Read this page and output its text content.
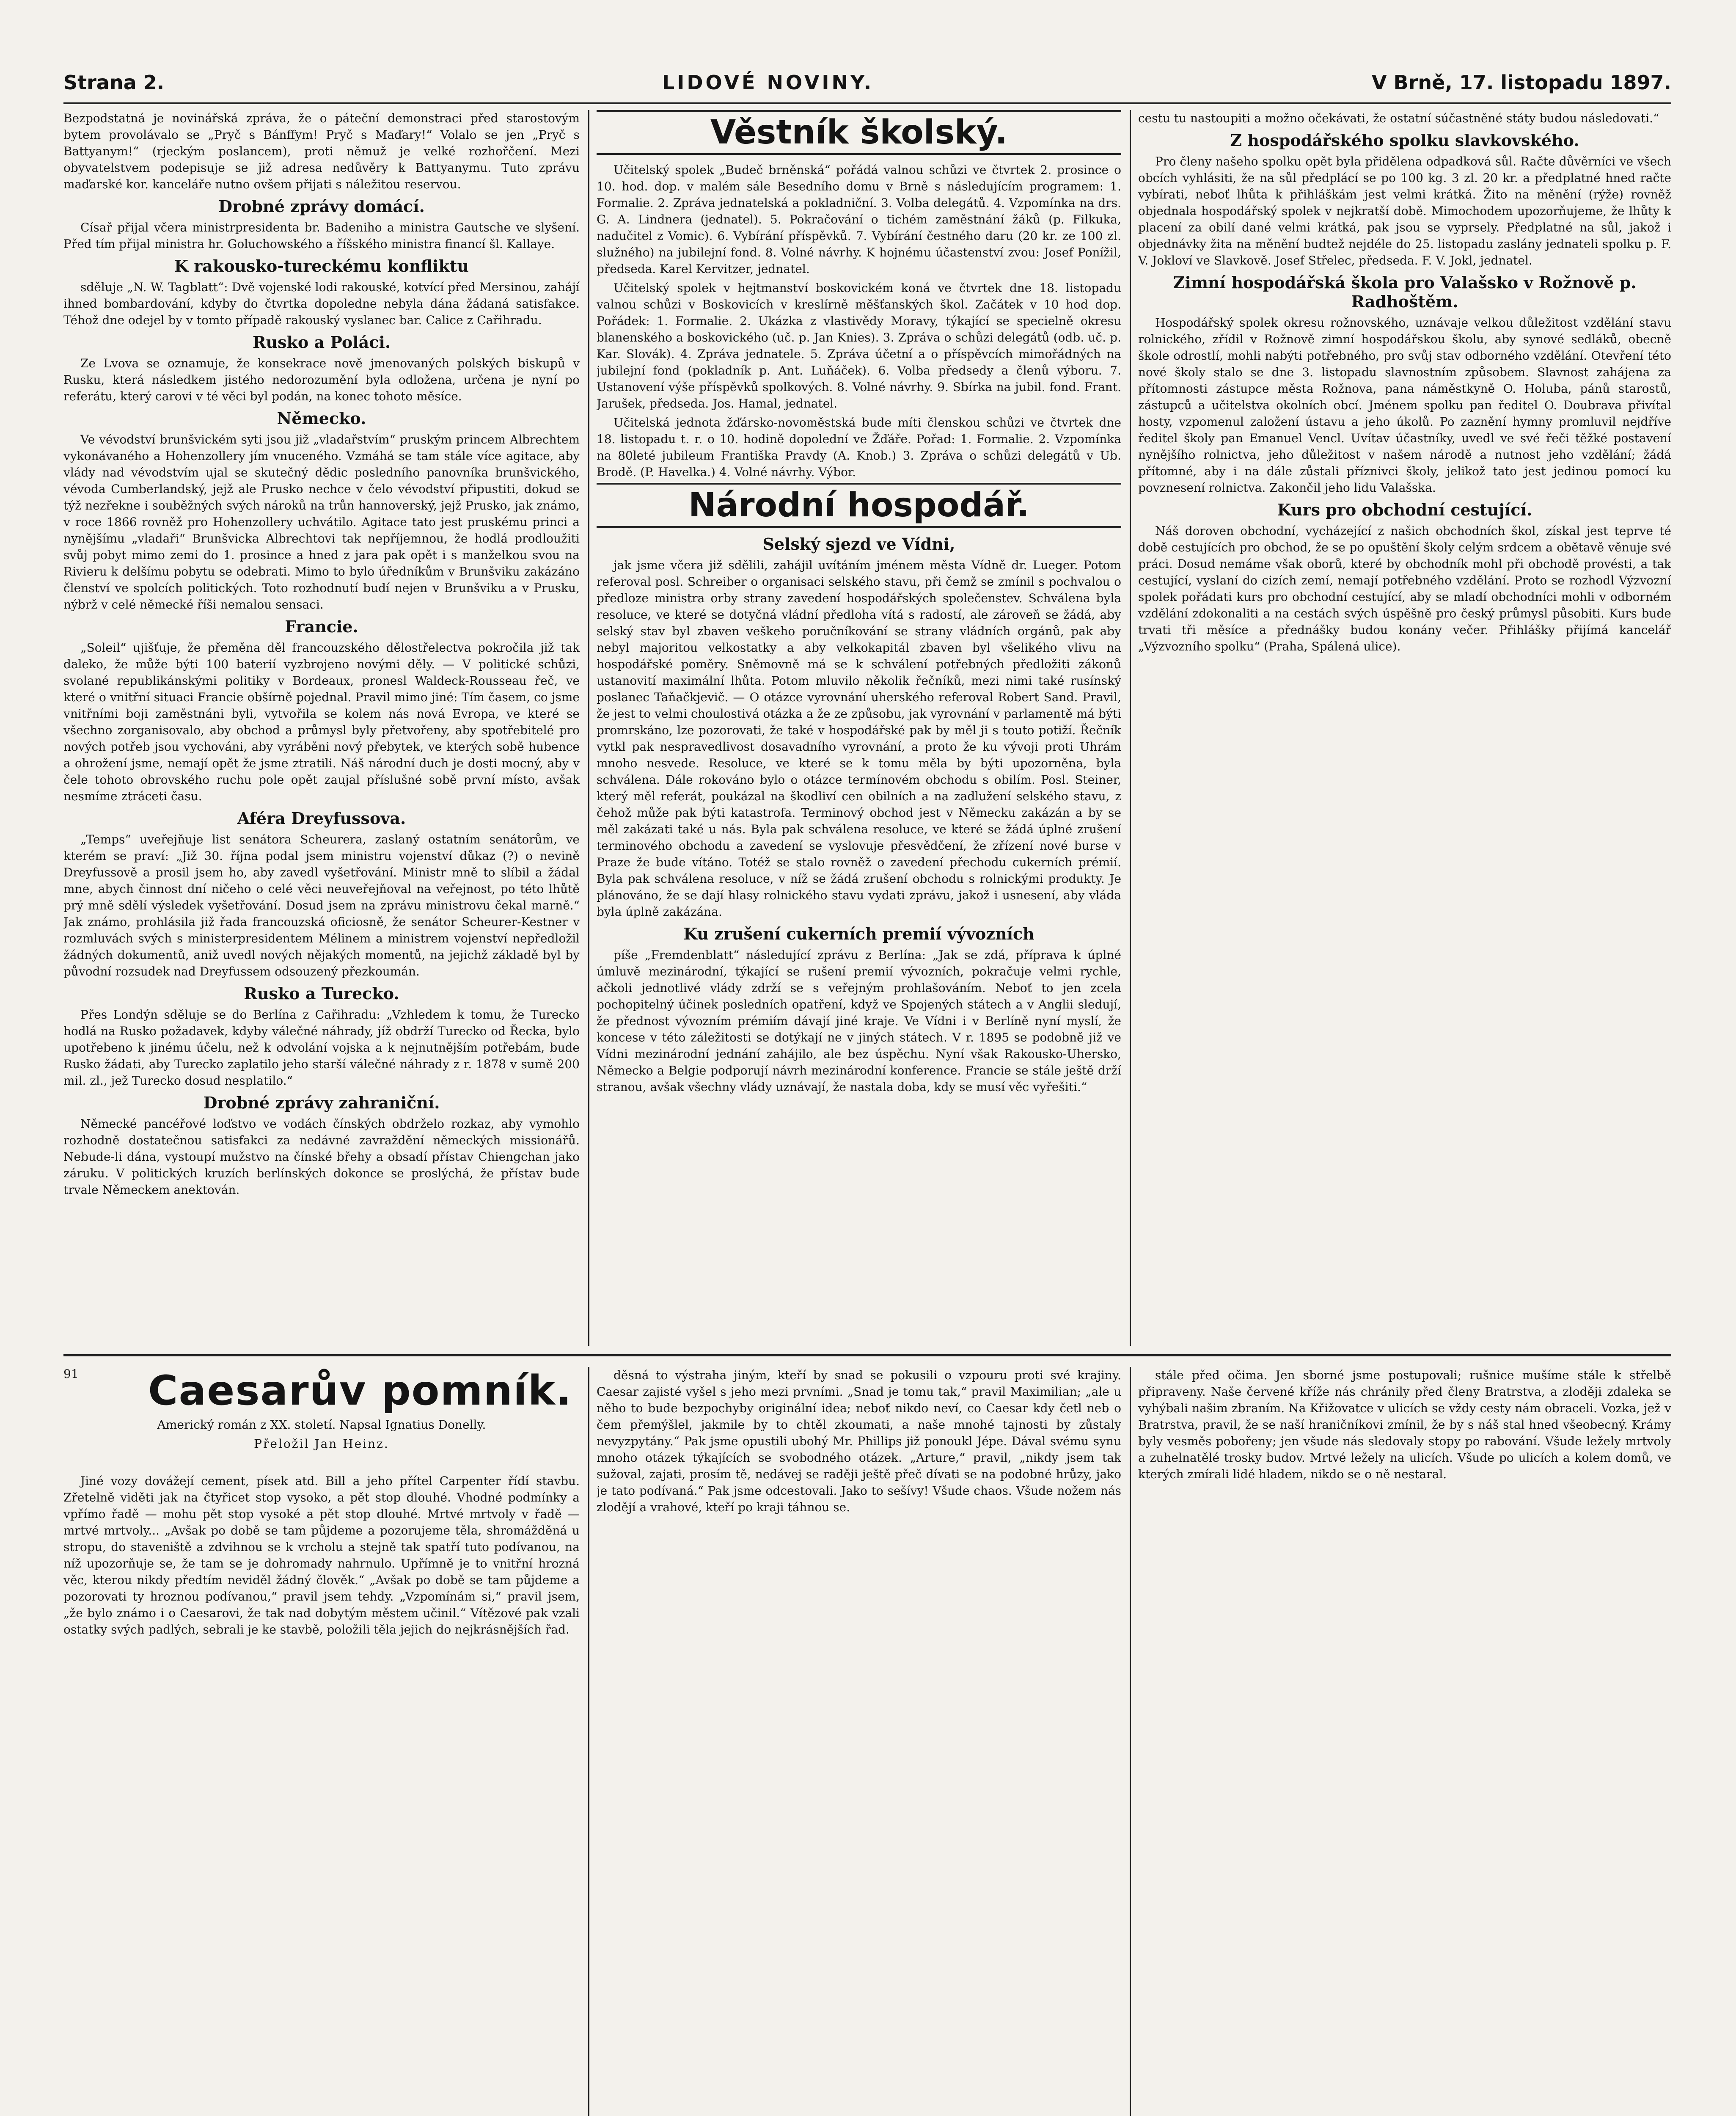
Strana 2.	LIDOVÉ NOVINY.	V Brně, 17. listopadu 1897.

Bezpodstatná je novinářská zpráva, že o páteční demonstraci před starostovým bytem provolávalo se „Pryč s Bánffym! Pryč s Maďary!“ Volalo se jen „Pryč s Battyanym!“ (rjeckým poslancem), proti němuž je velké rozhořčení. Mezi obyvatelstvem podepisuje se již adresa nedůvěry k Battyanymu. Tuto zprávu maďarské kor. kanceláře nutno ovšem přijati s náležitou reservou.

Drobné zprávy domácí.

Císař přijal včera ministrpresidenta br. Badeniho a ministra Gautsche ve slyšení. Před tím přijal ministra hr. Goluchowského a říšského ministra financí šl. Kallaye.

K rakousko-tureckému konfliktu

sděluje „N. W. Tagblatt“: Dvě vojenské lodi rakouské, kotvící před Mersinou, zahájí ihned bombardování, kdyby do čtvrtka dopoledne nebyla dána žádaná satisfakce. Téhož dne odejel by v tomto případě rakouský vyslanec bar. Calice z Cařihradu.

Rusko a Poláci.

Ze Lvova se oznamuje, že konsekrace nově jmenovaných polských biskupů v Rusku, která následkem jistého nedorozumění byla odložena, určena je nyní po referátu, který carovi v té věci byl podán, na konec tohoto měsíce.

Německo.

Ve vévodství brunšvickém syti jsou již „vladařstvím“ pruským princem Albrechtem vykonávaného a Hohenzollery jím vnuceného. Vzmáhá se tam stále více agitace, aby vlády nad vévodstvím ujal se skutečný dědic posledního panovníka brunšvického, vévoda Cumberlandský, jejž ale Prusko nechce v čelo vévodství připustiti, dokud se týž nezřekne i souběžných svých nároků na trůn hannoverský, jejž Prusko, jak známo, v roce 1866 rovněž pro Hohenzollery uchvátilo. Agitace tato jest pruskému princi a nynějšímu „vladaři“ Brunšvicka Albrechtovi tak nepříjemnou, že hodlá prodloužiti svůj pobyt mimo zemi do 1. prosince a hned z jara pak opět i s manželkou svou na Rivieru k delšímu pobytu se odebrati. Mimo to bylo úředníkům v Brunšviku zakázáno členství ve spolcích politických. Toto rozhodnutí budí nejen v Brunšviku a v Prusku, nýbrž v celé německé říši nemalou sensaci.

Francie.

„Soleil“ ujišťuje, že přeměna děl francouzského dělostřelectva pokročila již tak daleko, že může býti 100 baterií vyzbrojeno novými děly. — V politické schůzi, svolané republikánskými politiky v Bordeaux, pronesl Waldeck-Rousseau řeč, ve které o vnitřní situaci Francie obšírně pojednal. Pravil mimo jiné: Tím časem, co jsme vnitřními boji zaměstnáni byli, vytvořila se kolem nás nová Evropa, ve které se všechno zorganisovalo, aby obchod a průmysl byly přetvořeny, aby spotřebitelé pro nových potřeb jsou vychováni, aby vyráběni nový přebytek, ve kterých sobě hubence a ohrožení jsme, nemají opět že jsme ztratili. Náš národní duch je dosti mocný, aby v čele tohoto obrovského ruchu pole opět zaujal příslušné sobě první místo, avšak nesmíme ztráceti času.

Aféra Dreyfussova.

„Temps“ uveřejňuje list senátora Scheurera, zaslaný ostatním senátorům, ve kterém se praví: „Již 30. října podal jsem ministru vojenství důkaz (?) o nevině Dreyfussově a prosil jsem ho, aby zavedl vyšetřování. Ministr mně to slíbil a žádal mne, abych činnost dní ničeho o celé věci neuveřejňoval na veřejnost, po této lhůtě prý mně sdělí výsledek vyšetřování. Dosud jsem na zprávu ministrovu čekal marně.“ Jak známo, prohlásila již řada francouzská oficiosně, že senátor Scheurer-Kestner v rozmluvách svých s ministerpresidentem Mélinem a ministrem vojenství nepředložil žádných dokumentů, aniž uvedl nových nějakých momentů, na jejichž základě byl by původní rozsudek nad Dreyfussem odsouzený přezkoumán.

Rusko a Turecko.

Přes Londýn sděluje se do Berlína z Cařihradu: „Vzhledem k tomu, že Turecko hodlá na Rusko požadavek, kdyby válečné náhrady, jíž obdrží Turecko od Řecka, bylo upotřebeno k jinému účelu, než k odvolání vojska a k nejnutnějším potřebám, bude Rusko žádati, aby Turecko zaplatilo jeho starší válečné náhrady z r. 1878 v sumě 200 mil. zl., jež Turecko dosud nesplatilo.“

Drobné zprávy zahraniční.

Německé pancéřové loďstvo ve vodách čínských obdrželo rozkaz, aby vymohlo rozhodně dostatečnou satisfakci za nedávné zavraždění německých missionářů. Nebude-li dána, vystoupí mužstvo na čínské břehy a obsadí přístav Chiengchan jako záruku. V politických kruzích berlínských dokonce se proslýchá, že přístav bude trvale Německem anektován.

Věstník školský.

Učitelský spolek „Budeč brněnská“ pořádá valnou schůzi ve čtvrtek 2. prosince o 10. hod. dop. v malém sále Besedního domu v Brně s následujícím programem: 1. Formalie. 2. Zpráva jednatelská a pokladniční. 3. Volba delegátů. 4. Vzpomínka na drs. G. A. Lindnera (jednatel). 5. Pokračování o tichém zaměstnání žáků (p. Filkuka, nadučitel z Vomic). 6. Vybírání příspěvků. 7. Vybírání čestného daru (20 kr. ze 100 zl. služného) na jubilejní fond. 8. Volné návrhy. K hojnému účastenství zvou: Josef Ponížil, předseda. Karel Kervitzer, jednatel.

Učitelský spolek v hejtmanství boskovickém koná ve čtvrtek dne 18. listopadu valnou schůzi v Boskovicích v kreslírně měšťanských škol. Začátek v 10 hod dop. Pořádek: 1. Formalie. 2. Ukázka z vlastivědy Moravy, týkající se specielně okresu blanenského a boskovického (uč. p. Jan Knies). 3. Zpráva o schůzi delegátů (odb. uč. p. Kar. Slovák). 4. Zpráva jednatele. 5. Zpráva účetní a o příspěvcích mimořádných na jubilejní fond (pokladník p. Ant. Luňáček). 6. Volba předsedy a členů výboru. 7. Ustanovení výše příspěvků spolkových. 8. Volné návrhy. 9. Sbírka na jubil. fond. Frant. Jarušek, předseda. Jos. Hamal, jednatel.

Učitelská jednota žďársko-novoměstská bude míti členskou schůzi ve čtvrtek dne 18. listopadu t. r. o 10. hodině dopolední ve Žďáře. Pořad: 1. Formalie. 2. Vzpomínka na 80leté jubileum Františka Pravdy (A. Knob.) 3. Zpráva o schůzi delegátů v Ub. Brodě. (P. Havelka.) 4. Volné návrhy. Výbor.

Národní hospodář.
Selský sjezd ve Vídni,

jak jsme včera již sdělili, zahájil uvítáním jménem města Vídně dr. Lueger. Potom referoval posl. Schreiber o organisaci selského stavu, při čemž se zmínil s pochvalou o předloze ministra orby strany zavedení hospodářských společenstev. Schválena byla resoluce, ve které se dotyčná vládní předloha vítá s radostí, ale zároveň se žádá, aby selský stav byl zbaven veškeho poručníkování se strany vládních orgánů, pak aby nebyl majoritou velkostatky a aby velkokapitál zbaven byl všelikého vlivu na hospodářské poměry. Sněmovně má se k schválení potřebných předložiti zákonů ustanovití maximální lhůta. Potom mluvilo několik řečníků, mezi nimi také rusínský poslanec Taňačkjevič. — O otázce vyrovnání uherského referoval Robert Sand. Pravil, že jest to velmi choulostivá otázka a že ze způsobu, jak vyrovnání v parlamentě má býti promrskáno, lze pozorovati, že také v hospodářské pak by měl ji s touto potiží. Řečník vytkl pak nespravedlivost dosavadního vyrovnání, a proto že ku vývoji proti Uhrám mnoho nesvede. Resoluce, ve které se k tomu měla by býti upozorněna, byla schválena. Dále rokováno bylo o otázce termínovém obchodu s obilím. Posl. Steiner, který měl referát, poukázal na škodliví cen obilních a na zadlužení selského stavu, z čehož může pak býti katastrofa. Terminový obchod jest v Německu zakázán a by se měl zakázati také u nás. Byla pak schválena resoluce, ve které se žádá úplné zrušení terminového obchodu a zavedení se vyslovuje přesvědčení, že zřízení nové burse v Praze že bude vítáno. Totéž se stalo rovněž o zavedení přechodu cukerních prémií. Byla pak schválena resoluce, v níž se žádá zrušení obchodu s rolnickými produkty. Je plánováno, že se dají hlasy rolnického stavu vydati zprávu, jakož i usnesení, aby vláda byla úplně zakázána.

Ku zrušení cukerních premií vývozních

píše „Fremdenblatt“ následující zprávu z Berlína: „Jak se zdá, příprava k úplné úmluvě mezinárodní, týkající se rušení premií vývozních, pokračuje velmi rychle, ačkoli jednotlivé vlády zdrží se s veřejným prohlašováním. Neboť to jen zcela pochopitelný účinek posledních opatření, když ve Spojených státech a v Anglii sledují, že přednost vývozním prémiím dávají jiné kraje. Ve Vídni i v Berlíně nyní myslí, že koncese v této záležitosti se dotýkají ne v jiných státech. V r. 1895 se podobně již ve Vídni mezinárodní jednání zahájilo, ale bez úspěchu. Nyní však Rakousko-Uhersko, Německo a Belgie podporují návrh mezinárodní konference. Francie se stále ještě drží stranou, avšak všechny vlády uznávají, že nastala doba, kdy se musí věc vyřešiti.“

cestu tu nastoupiti a možno očekávati, že ostatní súčastněné státy budou následovati.“

Z hospodářského spolku slavkovského.

Pro členy našeho spolku opět byla přidělena odpadková sůl. Račte důvěrníci ve všech obcích vyhlásiti, že na sůl předplácí se po 100 kg. 3 zl. 20 kr. a předplatné hned račte vybírati, neboť lhůta k přihláškám jest velmi krátká. Žito na měnění (rýže) rovněž objednala hospodářský spolek v nejkratší době. Mimochodem upozorňujeme, že lhůty k placení za obilí dané velmi krátká, pak jsou se vyprsely. Předplatné na sůl, jakož i objednávky žita na měnění budtež nejdéle do 25. listopadu zaslány jednateli spolku p. F. V. Jokloví ve Slavkově. Josef Střelec, předseda. F. V. Jokl, jednatel.

Zimní hospodářská škola pro Valašsko v Rožnově p. Radhoštěm.

Hospodářský spolek okresu rožnovského, uznávaje velkou důležitost vzdělání stavu rolnického, zřídil v Rožnově zimní hospodářskou školu, aby synové sedláků, obecně škole odrostlí, mohli nabýti potřebného, pro svůj stav odborného vzdělání. Otevření této nové školy stalo se dne 3. listopadu slavnostním způsobem. Slavnost zahájena za přítomnosti zástupce města Rožnova, pana náměstkyně O. Holuba, pánů starostů, zástupců a učitelstva okolních obcí. Jménem spolku pan ředitel O. Doubrava přivítal hosty, vzpomenul založení ústavu a jeho úkolů. Po zaznění hymny promluvil nejdříve ředitel školy pan Emanuel Vencl. Uvítav účastníky, uvedl ve své řeči těžké postavení nynějšího rolnictva, jeho důležitost v našem národě a nutnost jeho vzdělání; žádá přítomné, aby i na dále zůstali příznivci školy, jelikož tato jest jedinou pomocí ku povznesení rolnictva. Zakončil jeho lidu Valašska.

Kurs pro obchodní cestující.

Náš doroven obchodní, vycházející z našich obchodních škol, získal jest teprve té době cestujících pro obchod, že se po opuštění školy celým srdcem a obětavě věnuje své práci. Dosud nemáme však oborů, které by obchodník mohl při obchodě provésti, a tak cestující, vyslaní do cizích zemí, nemají potřebného vzdělání. Proto se rozhodl Výzvozní spolek pořádati kurs pro obchodní cestující, aby se mladí obchodníci mohli v odborném vzdělání zdokonaliti a na cestách svých úspěšně pro český průmysl působiti. Kurs bude trvati tři měsíce a přednášky budou konány večer. Přihlášky přijímá kancelář „Výzvozního spolku“ (Praha, Spálená ulice).

91 Caesarův pomník.
Americký román z XX. století. Napsal Ignatius Donelly.
Přeložil Jan Heinz.

Jiné vozy dovážejí cement, písek atd. Bill a jeho přítel Carpenter řídí stavbu. Zřetelně viděti jak na čtyřicet stop vysoko, a pět stop dlouhé. Vhodné podmínky a vpřímo řadě — mohu pět stop vysoké a pět stop dlouhé. Mrtvé mrtvoly v řadě — mrtvé mrtvoly... „Avšak po době se tam půjdeme a pozorujeme těla, shromážděná u stropu, do staveniště a zdvihnou se k vrcholu a stejně tak spatří tuto podívanou, na níž upozorňuje se, že tam se je dohromady nahrnulo. Upřímně je to vnitřní hrozná věc, kterou nikdy předtím neviděl žádný člověk.“ „Avšak po době se tam půjdeme a pozorovati ty hroznou podívanou,“ pravil jsem tehdy. „Vzpomínám si,“ pravil jsem, „že bylo známo i o Caesarovi, že tak nad dobytým městem učinil.“ Vítězové pak vzali ostatky svých padlých, sebrali je ke stavbě, položili těla jejich do nejkrásnějších řad.

děsná to výstraha jiným, kteří by snad se pokusili o vzpouru proti své krajiny. Caesar zajisté vyšel s jeho mezi prvními. „Snad je tomu tak,“ pravil Maximilian; „ale u něho to bude bezpochyby originální idea; neboť nikdo neví, co Caesar kdy četl neb o čem přemýšlel, jakmile by to chtěl zkoumati, a naše mnohé tajnosti by zůstaly nevyzpytány.“ Pak jsme opustili ubohý Mr. Phillips již ponoukl Jépe. Dával svému synu mnoho otázek týkajících se svobodného otázek. „Arture,“ pravil, „nikdy jsem tak sužoval, zajati, prosím tě, nedávej se raději ještě přeč dívati se na podobné hrůzy, jako je tato podívaná.“ Pak jsme odcestovali. Jako to sešívy! Všude chaos. Všude nožem nás zlodějí a vrahové, kteří po kraji táhnou se.

stále před očima. Jen sborné jsme postupovali; rušnice mušíme stále k střelbě připraveny. Naše červené kříže nás chránily před členy Bratrstva, a zloději zdaleka se vyhýbali našim zbraním. Na Křižovatce v ulicích se vždy cesty nám obraceli. Vozka, jež v Bratrstva, pravil, že se naší hraničníkovi zmínil, že by s náš stal hned všeobecný. Krámy byly vesměs pobořeny; jen všude nás sledovaly stopy po rabování. Všude ležely mrtvoly a zuhelnatělé trosky budov. Mrtvé ležely na ulicích. Všude po ulicích a kolem domů, ve kterých zmírali lidé hladem, nikdo se o ně nestaral.
